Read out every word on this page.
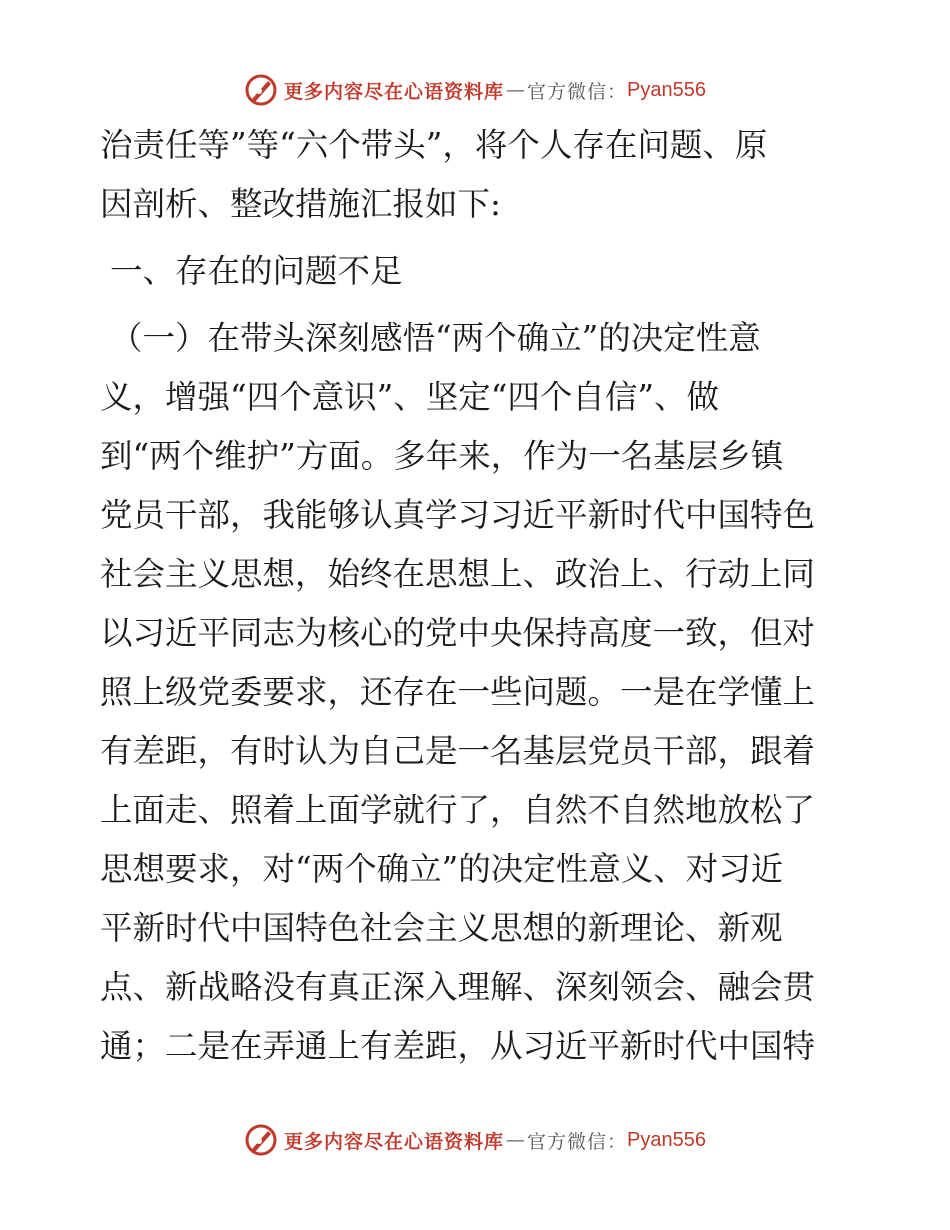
更多内容尽在心语资料库 — 官方微信： Pyan556

治责任等”等“六个带头”，将个人存在问题、原
因剖析、整改措施汇报如下:

一、存在的问题不足

（一）在带头深刻感悟“两个确立”的决定性意
义，增强“四个意识”、坚定“四个自信”、做
到“两个维护”方面。多年来，作为一名基层乡镇
党员干部，我能够认真学习习近平新时代中国特色
社会主义思想，始终在思想上、政治上、行动上同
以习近平同志为核心的党中央保持高度一致，但对
照上级党委要求，还存在一些问题。一是在学懂上
有差距，有时认为自己是一名基层党员干部，跟着
上面走、照着上面学就行了，自然不自然地放松了
思想要求，对“两个确立”的决定性意义、对习近
平新时代中国特色社会主义思想的新理论、新观
点、新战略没有真正深入理解、深刻领会、融会贯
通；二是在弄通上有差距，从习近平新时代中国特

更多内容尽在心语资料库 — 官方微信： Pyan556
